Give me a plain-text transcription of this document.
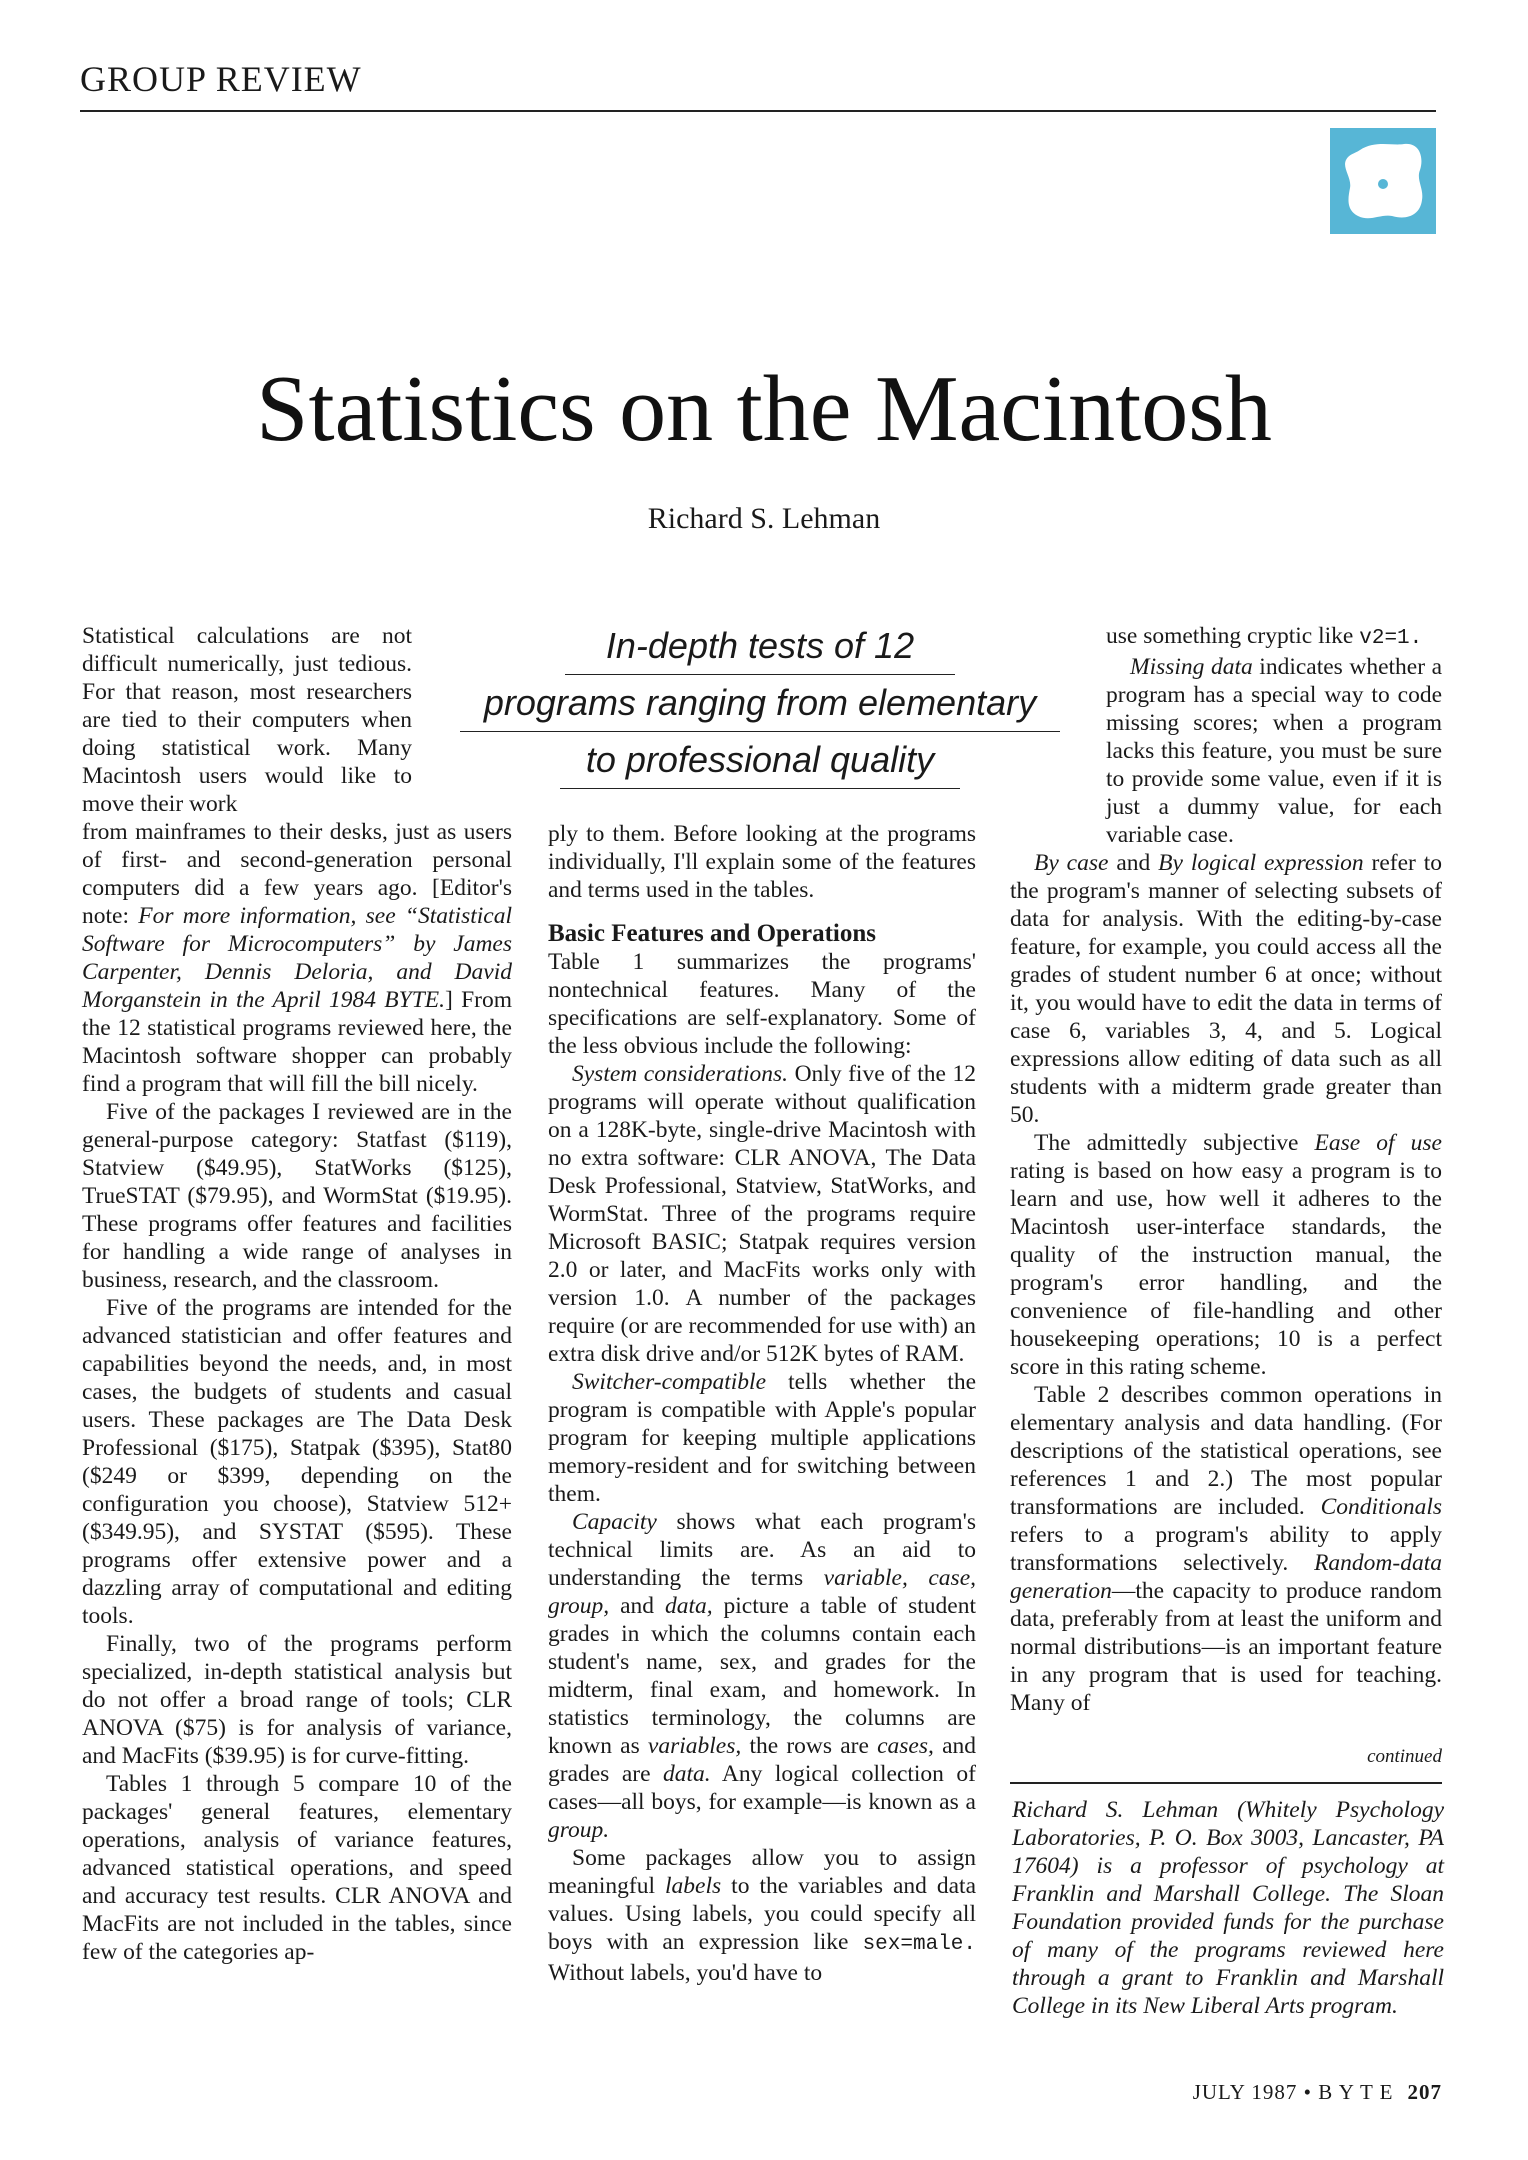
GROUP REVIEW
Statistics on the Macintosh
Richard S. Lehman
In-depth tests of 12
programs ranging from elementary
to professional quality

Statistical calculations are not difficult numerically, just tedious. For that reason, most researchers are tied to their computers when doing statistical work. Many Macintosh users would like to move their work

from mainframes to their desks, just as users of first- and second-generation personal computers did a few years ago. [Editor's note: For more information, see “Statistical Software for Microcomputers” by James Carpenter, Dennis Deloria, and David Morganstein in the April 1984 BYTE.] From the 12 statistical programs reviewed here, the Macintosh software shopper can probably find a program that will fill the bill nicely.

Five of the packages I reviewed are in the general-purpose category: Statfast ($119), Statview ($49.95), StatWorks ($125), TrueSTAT ($79.95), and WormStat ($19.95). These programs offer features and facilities for handling a wide range of analyses in business, research, and the classroom.

Five of the programs are intended for the advanced statistician and offer features and capabilities beyond the needs, and, in most cases, the budgets of students and casual users. These packages are The Data Desk Professional ($175), Statpak ($395), Stat80 ($249 or $399, depending on the configuration you choose), Statview 512+ ($349.95), and SYSTAT ($595). These programs offer extensive power and a dazzling array of computational and editing tools.

Finally, two of the programs perform specialized, in-depth statistical analysis but do not offer a broad range of tools; CLR ANOVA ($75) is for analysis of variance, and MacFits ($39.95) is for curve-fitting.

Tables 1 through 5 compare 10 of the packages' general features, elementary operations, analysis of variance features, advanced statistical operations, and speed and accuracy test results. CLR ANOVA and MacFits are not included in the tables, since few of the categories ap-

ply to them. Before looking at the programs individually, I'll explain some of the features and terms used in the tables.

Basic Features and Operations

Table 1 summarizes the programs' nontechnical features. Many of the specifications are self-explanatory. Some of the less obvious include the following:

System considerations. Only five of the 12 programs will operate without qualification on a 128K-byte, single-drive Macintosh with no extra software: CLR ANOVA, The Data Desk Professional, Statview, StatWorks, and WormStat. Three of the programs require Microsoft BASIC; Statpak requires version 2.0 or later, and MacFits works only with version 1.0. A number of the packages require (or are recommended for use with) an extra disk drive and/or 512K bytes of RAM.

Switcher-compatible tells whether the program is compatible with Apple's popular program for keeping multiple applications memory-resident and for switching between them.

Capacity shows what each program's technical limits are. As an aid to understanding the terms variable, case, group, and data, picture a table of student grades in which the columns contain each student's name, sex, and grades for the midterm, final exam, and homework. In statistics terminology, the columns are known as variables, the rows are cases, and grades are data. Any logical collection of cases—all boys, for example—is known as a group.

Some packages allow you to assign meaningful labels to the variables and data values. Using labels, you could specify all boys with an expression like sex=male. Without labels, you'd have to

use something cryptic like v2=1.

Missing data indicates whether a program has a special way to code missing scores; when a program lacks this feature, you must be sure to provide some value, even if it is just a dummy value, for each variable case.

By case and By logical expression refer to the program's manner of selecting subsets of data for analysis. With the editing-by-case feature, for example, you could access all the grades of student number 6 at once; without it, you would have to edit the data in terms of case 6, variables 3, 4, and 5. Logical expressions allow editing of data such as all students with a midterm grade greater than 50.

The admittedly subjective Ease of use rating is based on how easy a program is to learn and use, how well it adheres to the Macintosh user-interface standards, the quality of the instruction manual, the program's error handling, and the convenience of file-handling and other housekeeping operations; 10 is a perfect score in this rating scheme.

Table 2 describes common operations in elementary analysis and data handling. (For descriptions of the statistical operations, see references 1 and 2.) The most popular transformations are included. Conditionals refers to a program's ability to apply transformations selectively. Random-data generation—the capacity to produce random data, preferably from at least the uniform and normal distributions—is an important feature in any program that is used for teaching. Many of

continued
Richard S. Lehman (Whitely Psychology Laboratories, P. O. Box 3003, Lancaster, PA 17604) is a professor of psychology at Franklin and Marshall College. The Sloan Foundation provided funds for the purchase of many of the programs reviewed here through a grant to Franklin and Marshall College in its New Liberal Arts program.
JULY 1987 • B Y T E 207
